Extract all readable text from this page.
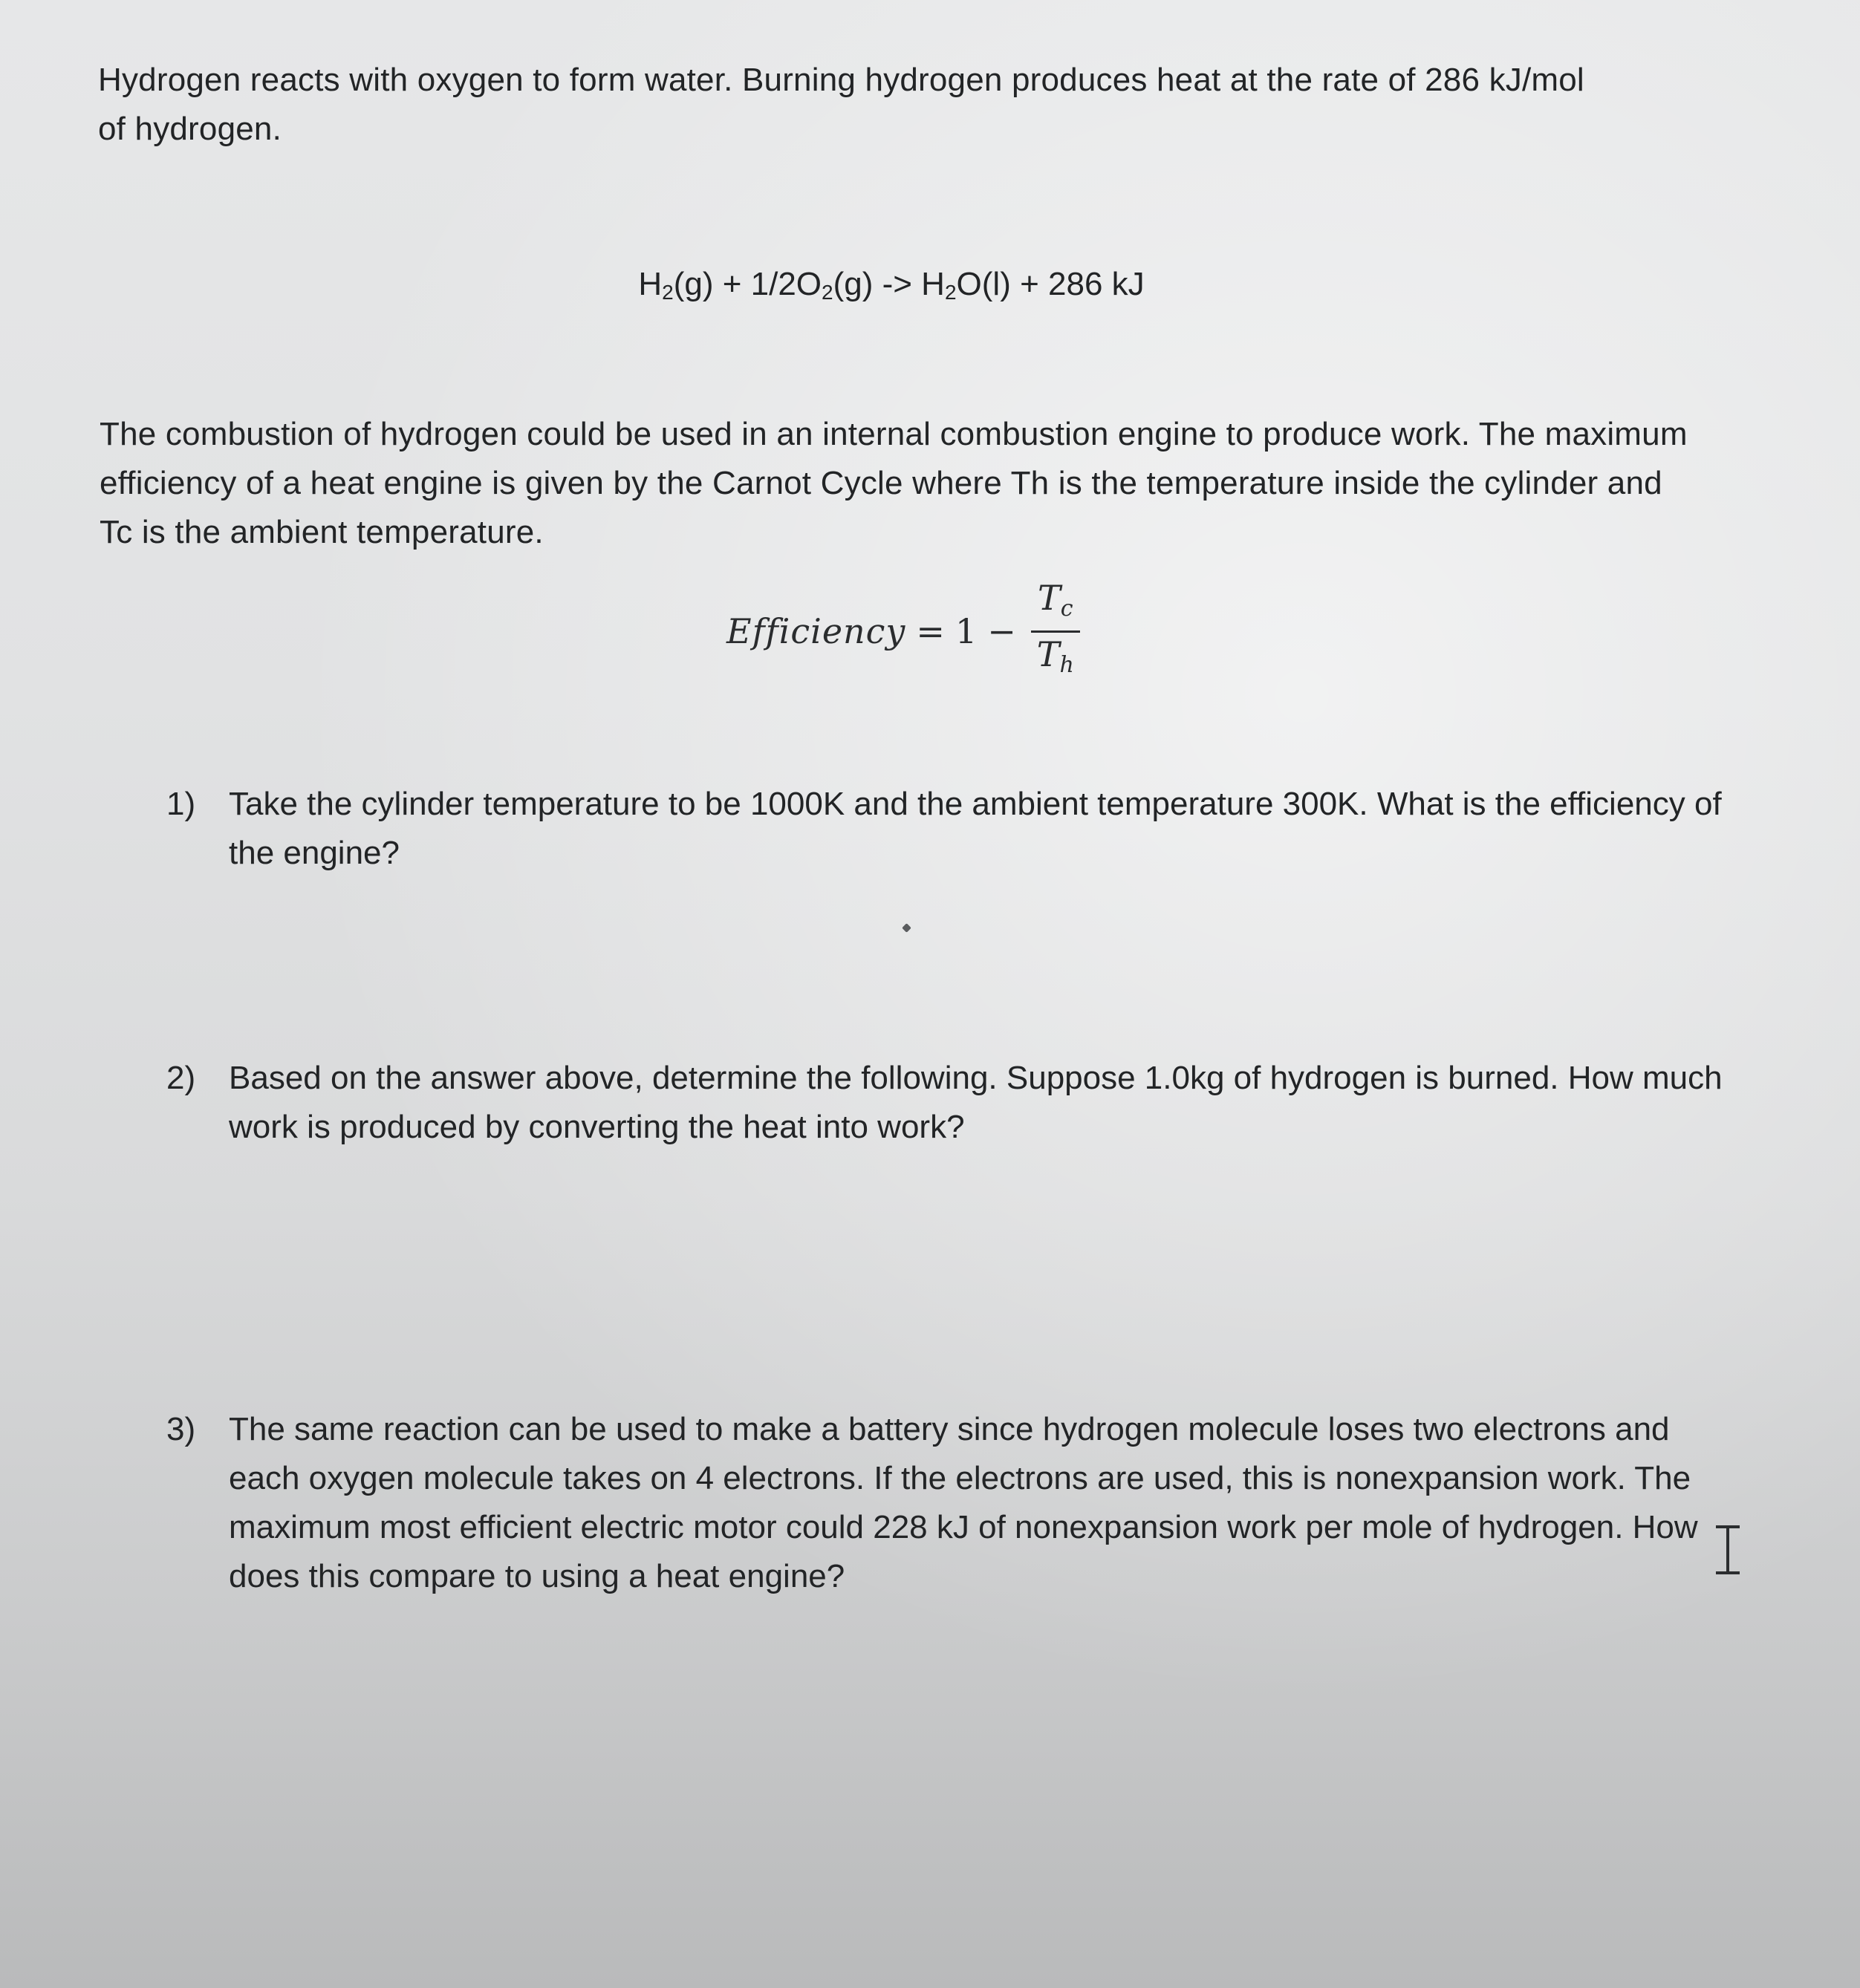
Hydrogen reacts with oxygen to form water. Burning hydrogen produces heat at the rate of 286 kJ/mol of hydrogen.

$H_2(g) + 1/2O_2(g) -> H_2O(l) + 286$ kJ

The combustion of hydrogen could be used in an internal combustion engine to produce work. The maximum efficiency of a heat engine is given by the Carnot Cycle where Th is the temperature inside the cylinder and Tc is the ambient temperature.

Efficiency = $1 - \frac{T_c}{T_h}$
1)	Take the cylinder temperature to be 1000K and the ambient temperature 300K. What is the efficiency of the engine?
2)	Based on the answer above, determine the following. Suppose 1.0kg of hydrogen is burned. How much work is produced by converting the heat into work?
3)	The same reaction can be used to make a battery since hydrogen molecule loses two electrons and each oxygen molecule takes on 4 electrons. If the electrons are used, this is nonexpansion work. The maximum most efficient electric motor could 228 kJ of nonexpansion work per mole of hydrogen. How does this compare to using a heat engine?
